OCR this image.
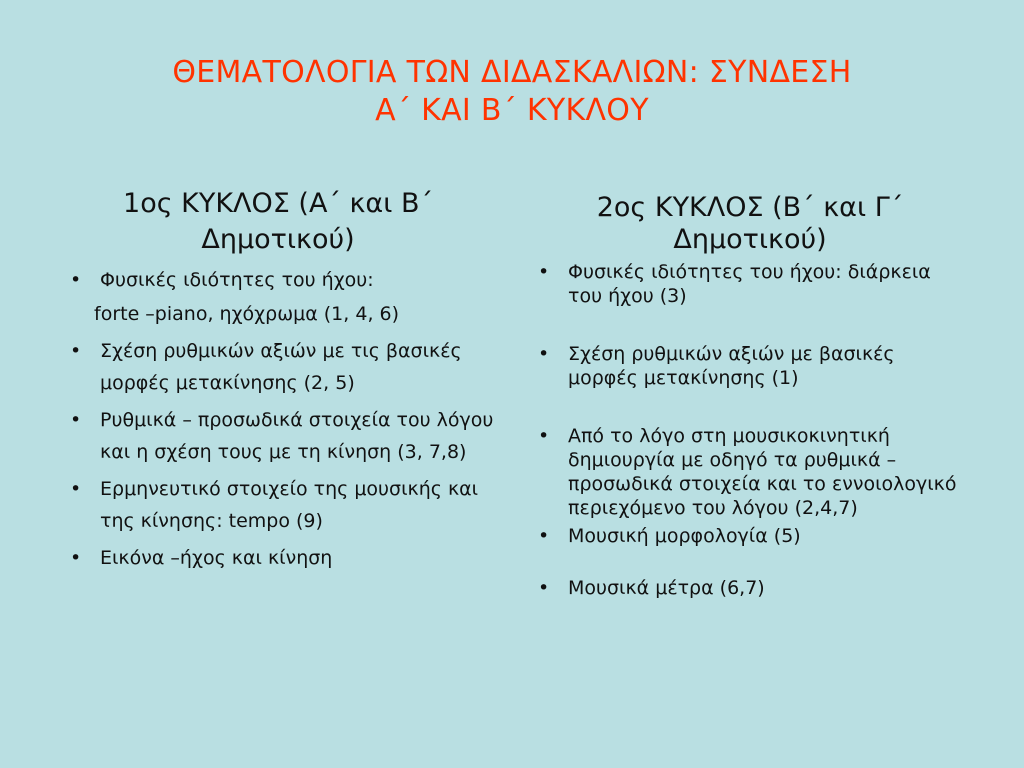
ΘΕΜΑΤΟΛΟΓΙΑ ΤΩΝ ΔΙΔΑΣΚΑΛΙΩΝ: ΣΥΝΔΕΣΗ
Α΄ ΚΑΙ Β΄ ΚΥΚΛΟΥ
1ος ΚΥΚΛΟΣ (Α΄ και Β΄
Δημοτικού)
• Φυσικές ιδιότητες του ήχου:
forte –piano, ηχόχρωμα (1, 4, 6)
• Σχέση ρυθμικών αξιών με τις βασικές μορφές μετακίνησης (2, 5)
• Ρυθμικά – προσωδικά στοιχεία του λόγου και η σχέση τους με τη κίνηση (3, 7,8)
• Ερμηνευτικό στοιχείο της μουσικής και της κίνησης: tempo (9)
• Εικόνα –ήχος και κίνηση
2ος ΚΥΚΛΟΣ (Β΄ και Γ΄
Δημοτικού)
• Φυσικές ιδιότητες του ήχου: διάρκεια του ήχου (3)
• Σχέση ρυθμικών αξιών με βασικές μορφές μετακίνησης (1)
• Από το λόγο στη μουσικοκινητική δημιουργία με οδηγό τα ρυθμικά – προσωδικά στοιχεία και το εννοιολογικό περιεχόμενο του λόγου (2,4,7)
• Μουσική μορφολογία (5)
• Μουσικά μέτρα (6,7)
